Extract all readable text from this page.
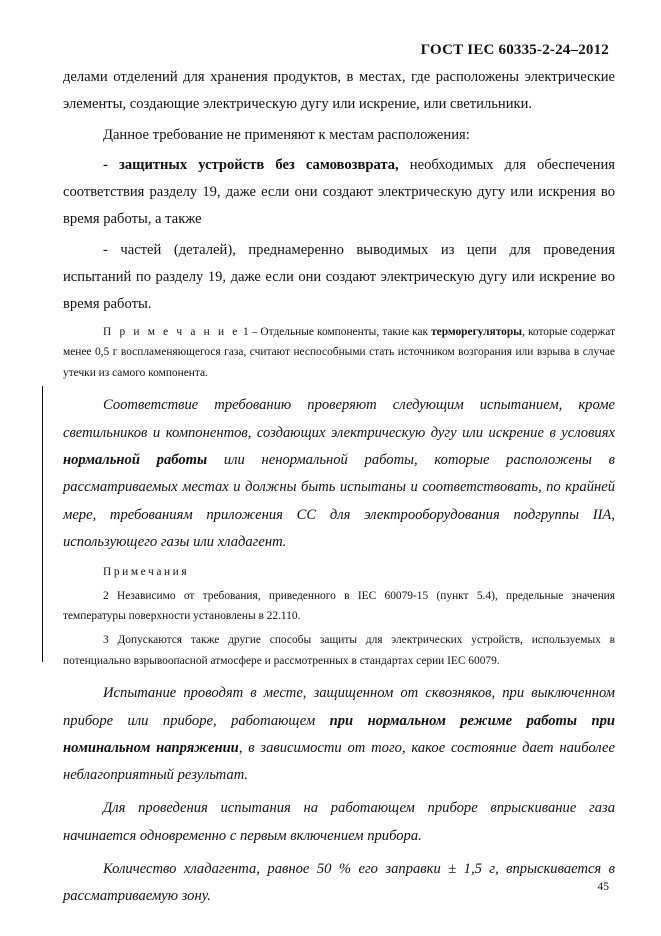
ГОСТ IEC 60335-2-24–2012

делами отделений для хранения продуктов, в местах, где расположены электрические элементы, создающие электрическую дугу или искрение, или светильники.

Данное требование не применяют к местам расположения:

- защитных устройств без самовозврата, необходимых для обеспечения соответствия разделу 19, даже если они создают электрическую дугу или искрения во время работы, а также

- частей (деталей), преднамеренно выводимых из цепи для проведения испытаний по разделу 19, даже если они создают электрическую дугу или искрение во время работы.

П р и м е ч а н и е 1 – Отдельные компоненты, такие как терморегуляторы, которые содержат менее 0,5 г воспламеняющегося газа, считают неспособными стать источником возгорания или взрыва в случае утечки из самого компонента.

Соответствие требованию проверяют следующим испытанием, кроме светильников и компонентов, создающих электрическую дугу или искрение в условиях нормальной работы или ненормальной работы, которые расположены в рассматриваемых местах и должны быть испытаны и соответствовать, по крайней мере, требованиям приложения СС для электрооборудования подгруппы IIA, использующего газы или хладагент.

Примечания

2 Независимо от требования, приведенного в IEC 60079-15 (пункт 5.4), предельные значения температуры поверхности установлены в 22.110.

3 Допускаются также другие способы защиты для электрических устройств, используемых в потенциально взрывоопасной атмосфере и рассмотренных в стандартах серии IEC 60079.

Испытание проводят в месте, защищенном от сквозняков, при выключенном приборе или приборе, работающем при нормальном режиме работы при номинальном напряжении, в зависимости от того, какое состояние дает наиболее неблагоприятный результат.

Для проведения испытания на работающем приборе впрыскивание газа начинается одновременно с первым включением прибора.

Количество хладагента, равное 50 % его заправки ± 1,5 г, впрыскивается в рассматриваемую зону.

45
